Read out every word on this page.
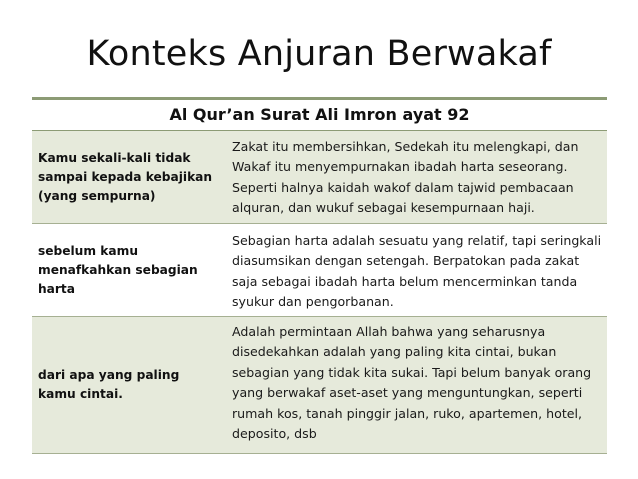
Konteks Anjuran Berwakaf
Al Qur’an Surat Ali Imron ayat 92
Kamu sekali-kali tidak sampai kepada kebajikan (yang sempurna)
Zakat itu membersihkan, Sedekah itu melengkapi, dan Wakaf itu menyempurnakan ibadah harta seseorang. Seperti halnya kaidah wakof dalam tajwid pembacaan alquran, dan wukuf sebagai kesempurnaan haji.
sebelum kamu menafkahkan sebagian harta
Sebagian harta adalah sesuatu yang relatif, tapi seringkali diasumsikan dengan setengah. Berpatokan pada zakat saja sebagai ibadah harta belum mencerminkan tanda syukur dan pengorbanan.
dari apa yang paling kamu cintai.
Adalah permintaan Allah bahwa yang seharusnya disedekahkan adalah yang paling kita cintai, bukan sebagian yang tidak kita sukai. Tapi belum banyak orang yang berwakaf aset-aset yang menguntungkan, seperti rumah kos, tanah pinggir jalan, ruko, apartemen, hotel, deposito, dsb
